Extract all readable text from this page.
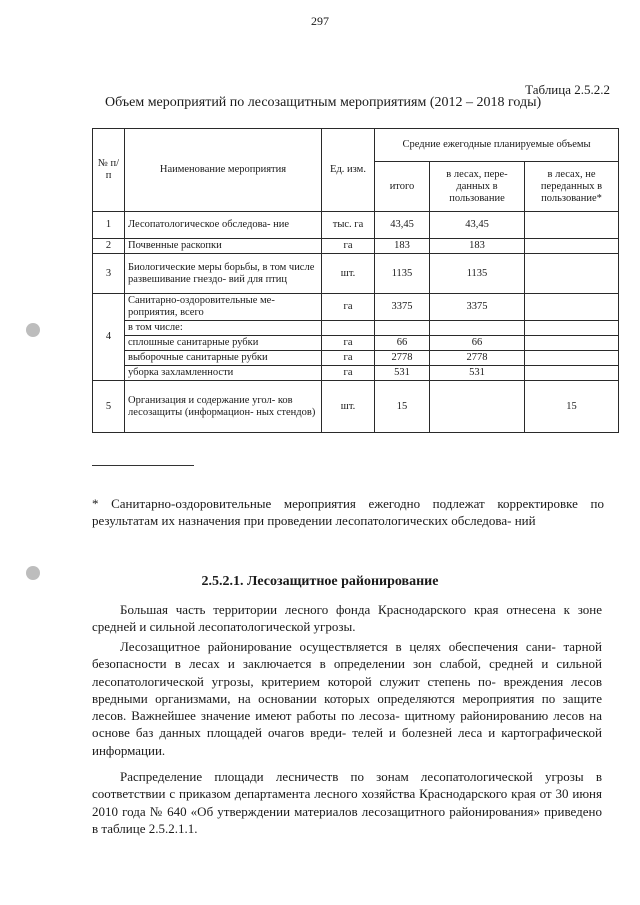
297
Таблица 2.5.2.2
Объем мероприятий по лесозащитным мероприятиям (2012 – 2018 годы)
№ п/п	Наименование мероприятия	Ед. изм.	Средние ежегодные планируемые объемы		
			итого	в лесах, пере- данных в пользование	в лесах, не переданных в пользование*
1	Лесопатологическое обследова- ние	тыс. га	43,45	43,45	
2	Почвенные раскопки	га	183	183	
3	Биологические меры борьбы, в том числе развешивание гнездо- вий для птиц	шт.	1135	1135	
4	Санитарно-оздоровительные ме- роприятия, всего	га	3375	3375	
	в том числе:				
	сплошные санитарные рубки	га	66	66	
	выборочные санитарные рубки	га	2778	2778	
	уборка захламленности	га	531	531	
5	Организация и содержание угол- ков лесозащиты (информацион- ных стендов)	шт.	15		15
* Санитарно-оздоровительные мероприятия ежегодно подлежат корректировке по результатам их назначения при проведении лесопатологических обследова- ний
2.5.2.1. Лесозащитное районирование
Большая часть территории лесного фонда Краснодарского края отнесена к зоне средней и сильной лесопатологической угрозы.
Лесозащитное районирование осуществляется в целях обеспечения сани- тарной безопасности в лесах и заключается в определении зон слабой, средней и сильной лесопатологической угрозы, критерием которой служит степень по- вреждения лесов вредными организмами, на основании которых определяются мероприятия по защите лесов. Важнейшее значение имеют работы по лесоза- щитному районированию лесов на основе баз данных площадей очагов вреди- телей и болезней леса и картографической информации.
Распределение площади лесничеств по зонам лесопатологической угрозы в соответствии с приказом департамента лесного хозяйства Краснодарского края от 30 июня 2010 года № 640 «Об утверждении материалов лесозащитного районирования» приведено в таблице 2.5.2.1.1.
